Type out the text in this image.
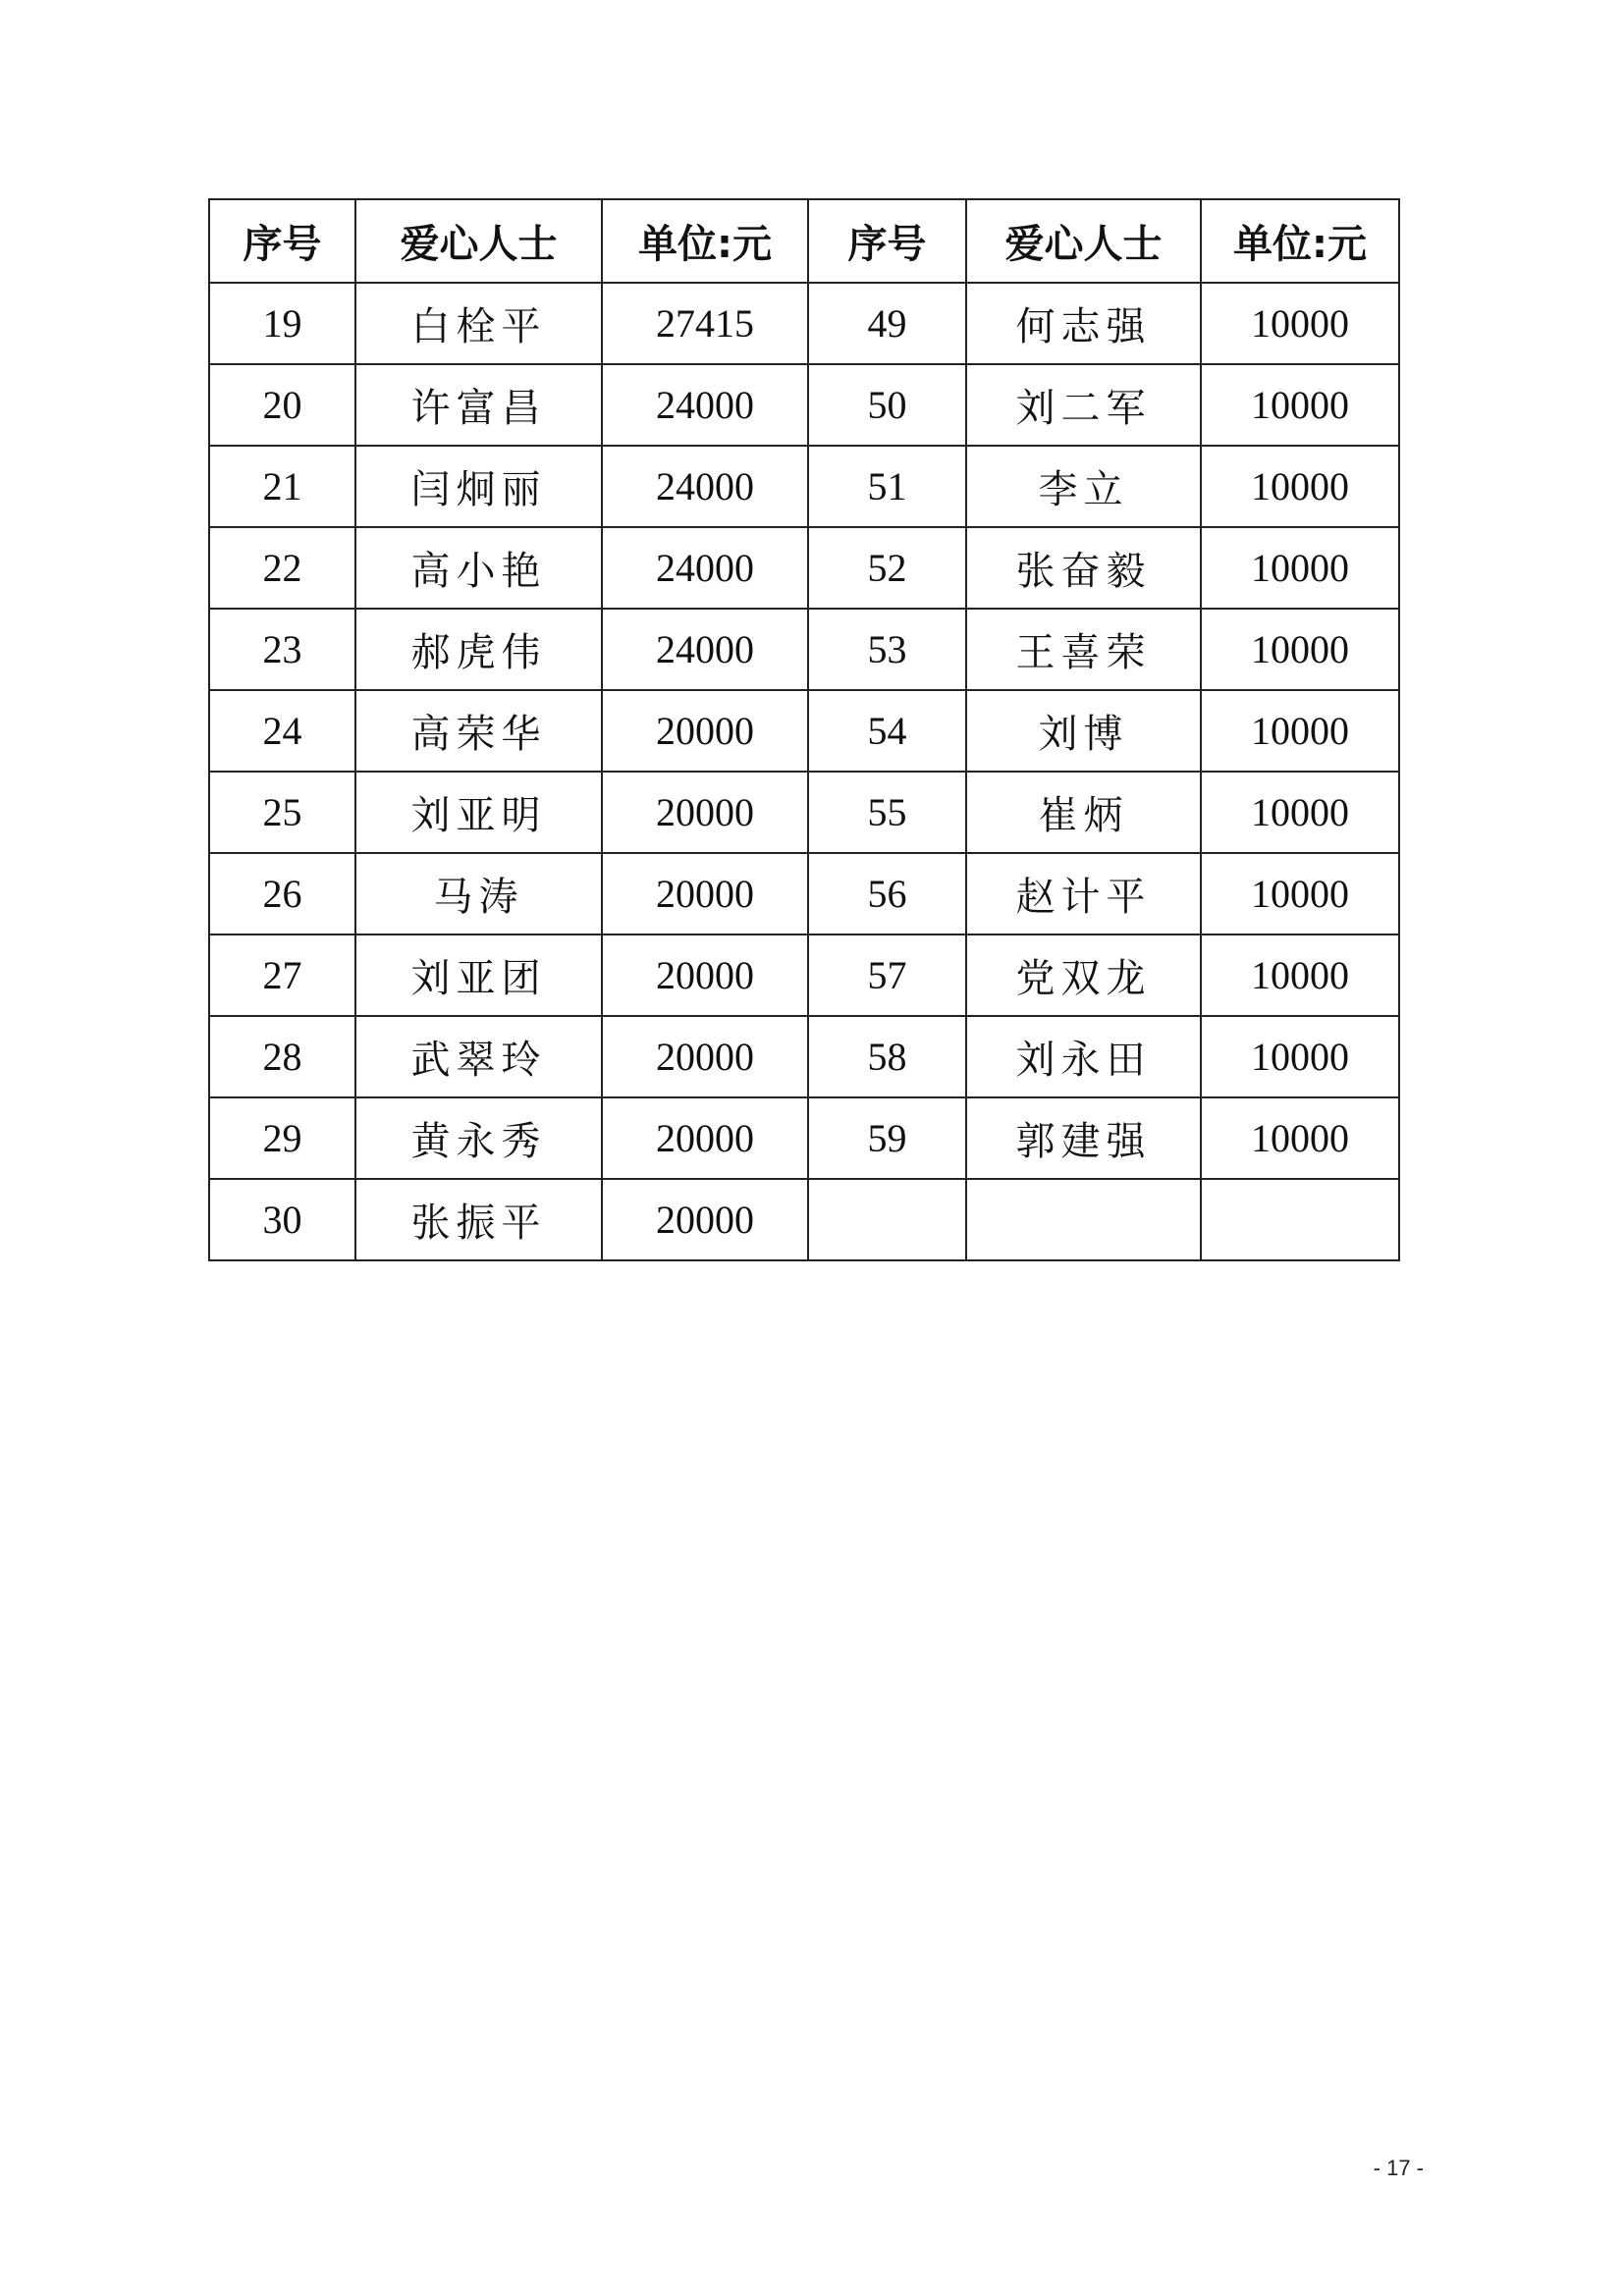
序号	爱心人士	单位:元	序号	爱心人士	单位:元
19	白栓平	27415	49	何志强	10000
20	许富昌	24000	50	刘二军	10000
21	闫炯丽	24000	51	李立	10000
22	高小艳	24000	52	张奋毅	10000
23	郝虎伟	24000	53	王喜荣	10000
24	高荣华	20000	54	刘博	10000
25	刘亚明	20000	55	崔炳	10000
26	马涛	20000	56	赵计平	10000
27	刘亚团	20000	57	党双龙	10000
28	武翠玲	20000	58	刘永田	10000
29	黄永秀	20000	59	郭建强	10000
30	张振平	20000			
- 17 -
